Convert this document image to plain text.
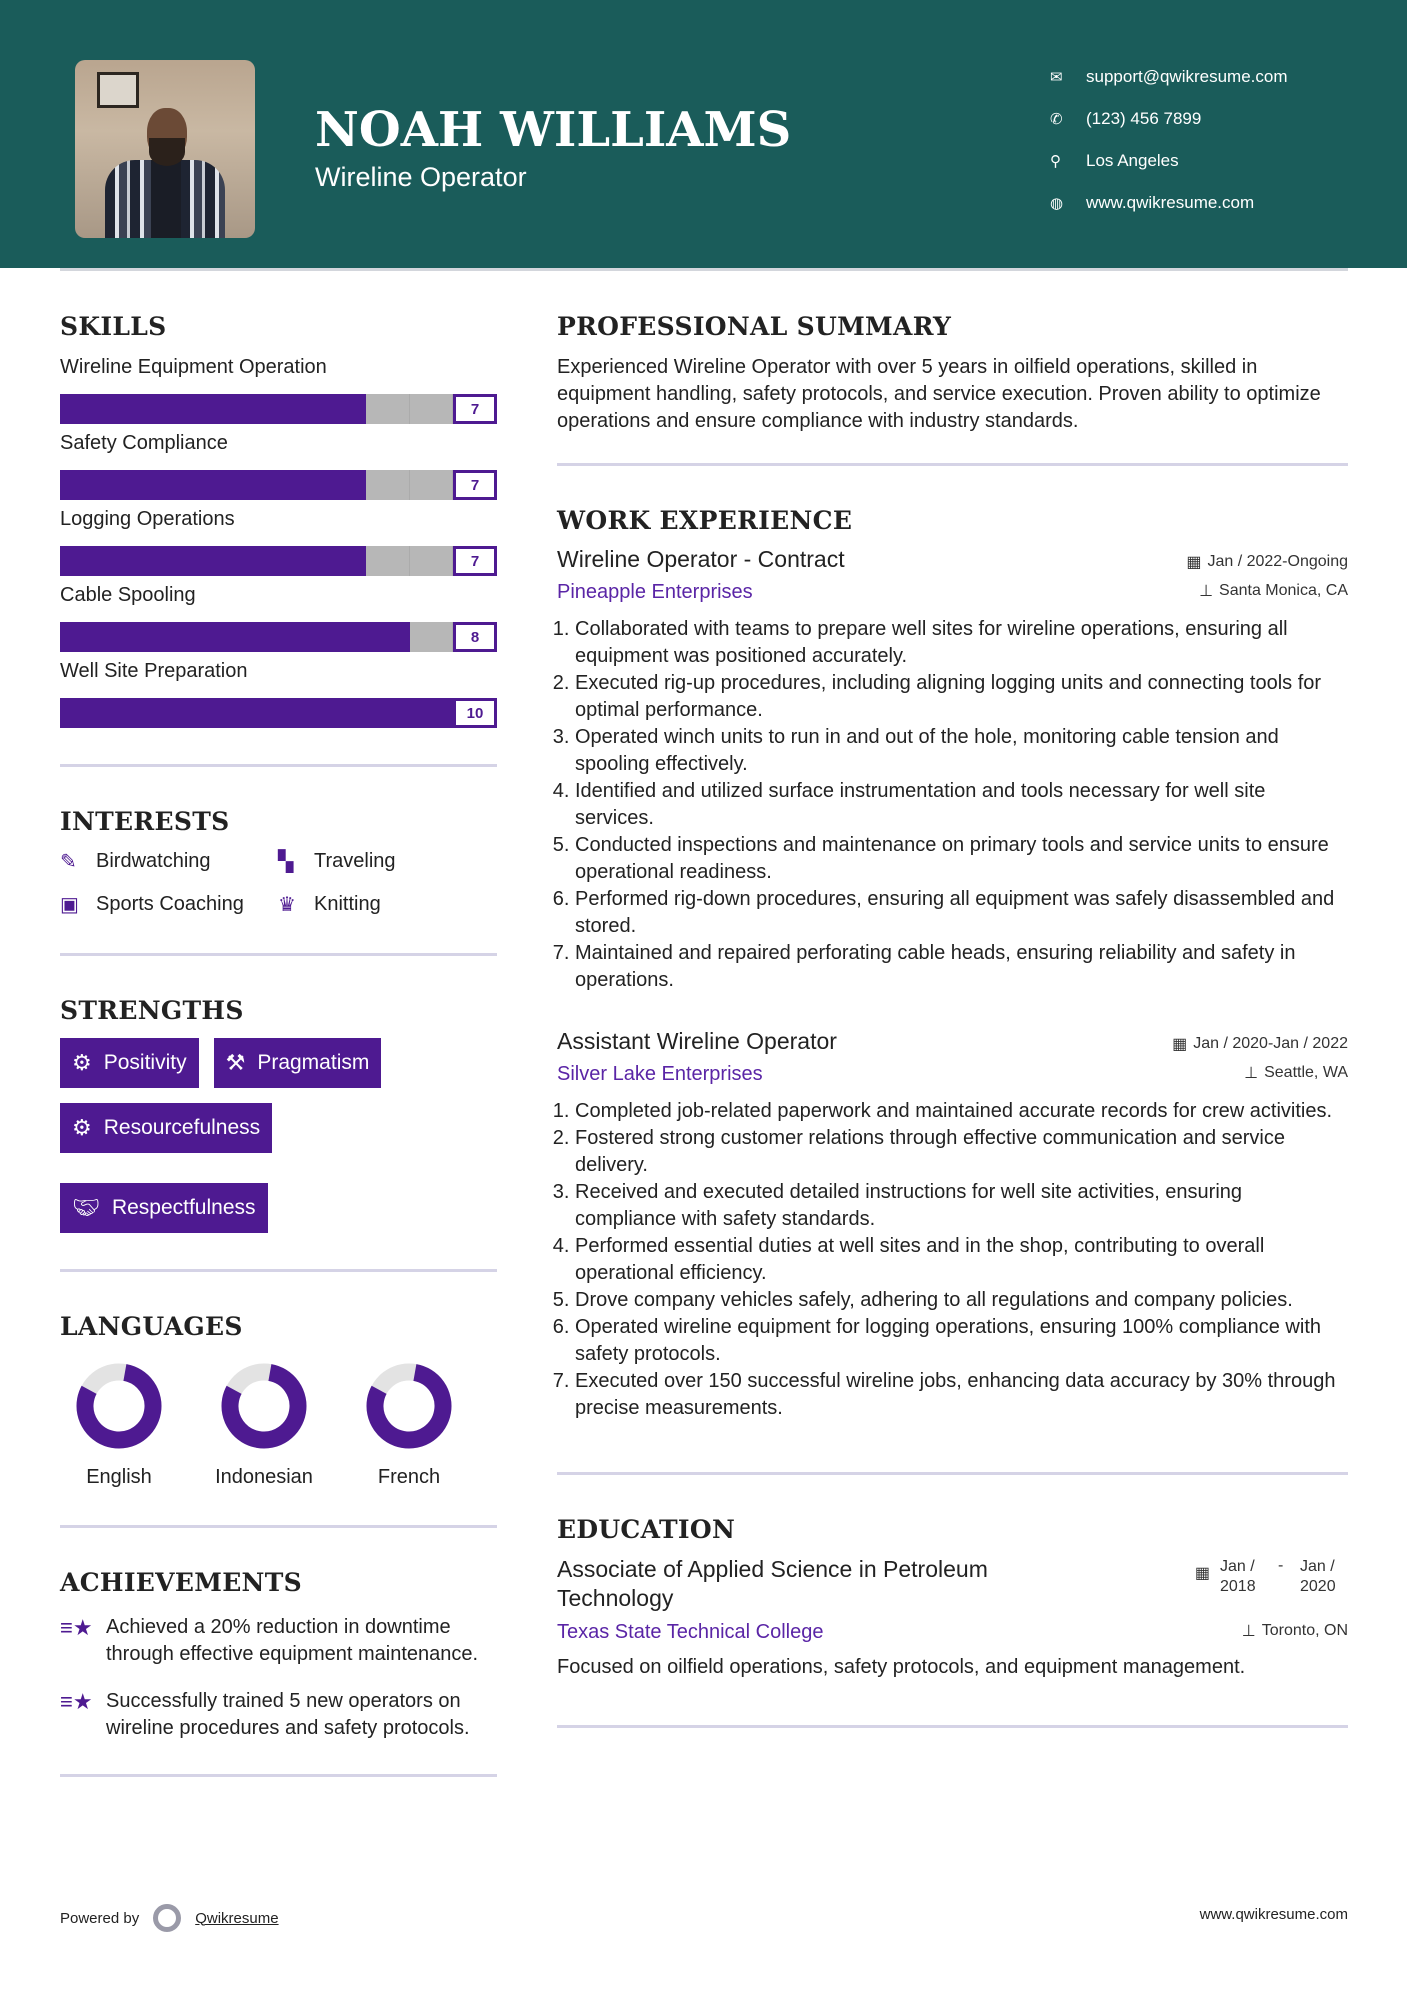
NOAH WILLIAMS
Wireline Operator
✉	support@qwikresume.com
✆	(123) 456 7899
⚲	Los Angeles
◍	www.qwikresume.com
SKILLS
Wireline Equipment Operation
7
Safety Compliance
7
Logging Operations
7
Cable Spooling
8
Well Site Preparation
10
INTERESTS
✎ Birdwatching	▚	Traveling
▣ Sports Coaching ♛ Knitting
STRENGTHS
⚙ Positivity ⚒ Pragmatism
⚙ Resourcefulness
🤝︎ Respectfulness
LANGUAGES
English	Indonesian	French
ACHIEVEMENTS
≡★ Achieved a 20% reduction in downtime through effective equipment maintenance.
≡★ Successfully trained 5 new operators on wireline procedures and safety protocols.
PROFESSIONAL SUMMARY

Experienced Wireline Operator with over 5 years in oilfield operations, skilled in equipment handling, safety protocols, and service execution. Proven ability to optimize operations and ensure compliance with industry standards.

WORK EXPERIENCE
Wireline Operator - Contract	▦ Jan / 2022-Ongoing
Pineapple Enterprises	⊥ Santa Monica, CA
1. Collaborated with teams to prepare well sites for wireline operations, ensuring all equipment was positioned accurately.
2. Executed rig-up procedures, including aligning logging units and connecting tools for optimal performance.
3. Operated winch units to run in and out of the hole, monitoring cable tension and spooling effectively.
4. Identified and utilized surface instrumentation and tools necessary for well site services.
5. Conducted inspections and maintenance on primary tools and service units to ensure operational readiness.
6. Performed rig-down procedures, ensuring all equipment was safely disassembled and stored.
7. Maintained and repaired perforating cable heads, ensuring reliability and safety in operations.
Assistant Wireline Operator	▦ Jan / 2020-Jan / 2022
Silver Lake Enterprises	⊥ Seattle, WA
1. Completed job-related paperwork and maintained accurate records for crew activities.
2. Fostered strong customer relations through effective communication and service delivery.
3. Received and executed detailed instructions for well site activities, ensuring compliance with safety standards.
4. Performed essential duties at well sites and in the shop, contributing to overall operational efficiency.
5. Drove company vehicles safely, adhering to all regulations and company policies.
6. Operated wireline equipment for logging operations, ensuring 100% compliance with safety protocols.
7. Executed over 150 successful wireline jobs, enhancing data accuracy by 30% through precise measurements.
EDUCATION
Associate of Applied Science in Petroleum Technology
▦ Jan / 2018
-	Jan / 2020
Texas State Technical College	⊥ Toronto, ON

Focused on oilfield operations, safety protocols, and equipment management.

Powered by	Qwikresume	www.qwikresume.com
